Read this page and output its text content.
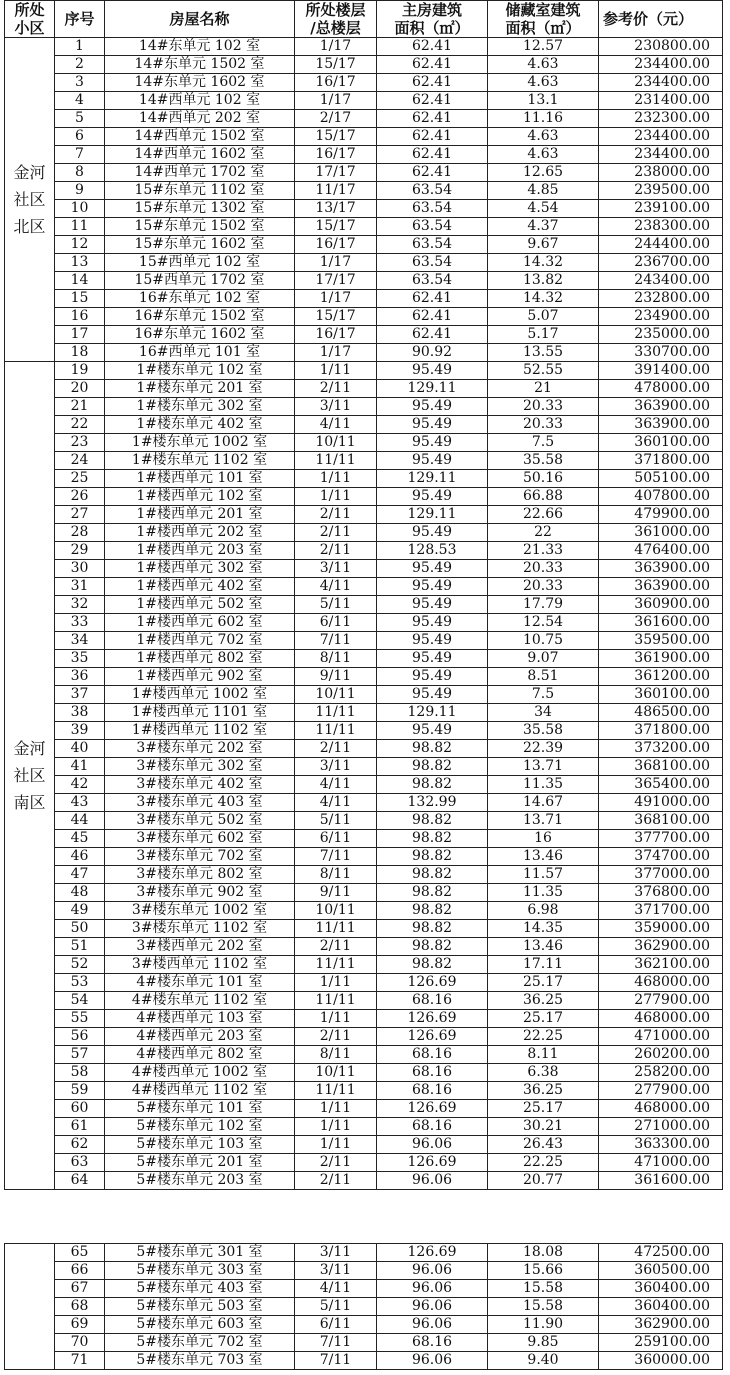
所处
小区	序号	房屋名称	所处楼层
/总楼层	主房建筑
面积（㎡）	储藏室建筑
面积（㎡）	参考价（元）

金河
社区
北区	1	14#东单元 102 室	1/17	62.41	12.57	230800.00
	2	14#东单元 1502 室	15/17	62.41	4.63	234400.00
	3	14#东单元 1602 室	16/17	62.41	4.63	234400.00
	4	14#西单元 102 室	1/17	62.41	13.1	231400.00
	5	14#西单元 202 室	2/17	62.41	11.16	232300.00
	6	14#西单元 1502 室	15/17	62.41	4.63	234400.00
	7	14#西单元 1602 室	16/17	62.41	4.63	234400.00
	8	14#西单元 1702 室	17/17	62.41	12.65	238000.00
	9	15#东单元 1102 室	11/17	63.54	4.85	239500.00
	10	15#东单元 1302 室	13/17	63.54	4.54	239100.00
	11	15#东单元 1502 室	15/17	63.54	4.37	238300.00
	12	15#东单元 1602 室	16/17	63.54	9.67	244400.00
	13	15#西单元 102 室	1/17	63.54	14.32	236700.00
	14	15#西单元 1702 室	17/17	63.54	13.82	243400.00
	15	16#东单元 102 室	1/17	62.41	14.32	232800.00
	16	16#东单元 1502 室	15/17	62.41	5.07	234900.00
	17	16#东单元 1602 室	16/17	62.41	5.17	235000.00
	18	16#西单元 101 室	1/17	90.92	13.55	330700.00

金河
社区
南区	19	1#楼东单元 102 室	1/11	95.49	52.55	391400.00
	20	1#楼东单元 201 室	2/11	129.11	21	478000.00
	21	1#楼东单元 302 室	3/11	95.49	20.33	363900.00
	22	1#楼东单元 402 室	4/11	95.49	20.33	363900.00
	23	1#楼东单元 1002 室	10/11	95.49	7.5	360100.00
	24	1#楼东单元 1102 室	11/11	95.49	35.58	371800.00
	25	1#楼西单元 101 室	1/11	129.11	50.16	505100.00
	26	1#楼西单元 102 室	1/11	95.49	66.88	407800.00
	27	1#楼西单元 201 室	2/11	129.11	22.66	479900.00
	28	1#楼西单元 202 室	2/11	95.49	22	361000.00
	29	1#楼西单元 203 室	2/11	128.53	21.33	476400.00
	30	1#楼西单元 302 室	3/11	95.49	20.33	363900.00
	31	1#楼西单元 402 室	4/11	95.49	20.33	363900.00
	32	1#楼西单元 502 室	5/11	95.49	17.79	360900.00
	33	1#楼西单元 602 室	6/11	95.49	12.54	361600.00
	34	1#楼西单元 702 室	7/11	95.49	10.75	359500.00
	35	1#楼西单元 802 室	8/11	95.49	9.07	361900.00
	36	1#楼西单元 902 室	9/11	95.49	8.51	361200.00
	37	1#楼西单元 1002 室	10/11	95.49	7.5	360100.00
	38	1#楼西单元 1101 室	11/11	129.11	34	486500.00
	39	1#楼西单元 1102 室	11/11	95.49	35.58	371800.00
	40	3#楼东单元 202 室	2/11	98.82	22.39	373200.00
	41	3#楼东单元 302 室	3/11	98.82	13.71	368100.00
	42	3#楼东单元 402 室	4/11	98.82	11.35	365400.00
	43	3#楼东单元 403 室	4/11	132.99	14.67	491000.00
	44	3#楼东单元 502 室	5/11	98.82	13.71	368100.00
	45	3#楼东单元 602 室	6/11	98.82	16	377700.00
	46	3#楼东单元 702 室	7/11	98.82	13.46	374700.00
	47	3#楼东单元 802 室	8/11	98.82	11.57	377000.00
	48	3#楼东单元 902 室	9/11	98.82	11.35	376800.00
	49	3#楼东单元 1002 室	10/11	98.82	6.98	371700.00
	50	3#楼东单元 1102 室	11/11	98.82	14.35	359000.00
	51	3#楼西单元 202 室	2/11	98.82	13.46	362900.00
	52	3#楼西单元 1102 室	11/11	98.82	17.11	362100.00
	53	4#楼东单元 101 室	1/11	126.69	25.17	468000.00
	54	4#楼东单元 1102 室	11/11	68.16	36.25	277900.00
	55	4#楼西单元 103 室	1/11	126.69	25.17	468000.00
	56	4#楼西单元 203 室	2/11	126.69	22.25	471000.00
	57	4#楼西单元 802 室	8/11	68.16	8.11	260200.00
	58	4#楼西单元 1002 室	10/11	68.16	6.38	258200.00
	59	4#楼西单元 1102 室	11/11	68.16	36.25	277900.00
	60	5#楼东单元 101 室	1/11	126.69	25.17	468000.00
	61	5#楼东单元 102 室	1/11	68.16	30.21	271000.00
	62	5#楼东单元 103 室	1/11	96.06	26.43	363300.00
	63	5#楼东单元 201 室	2/11	126.69	22.25	471000.00
	64	5#楼东单元 203 室	2/11	96.06	20.77	361600.00
	65	5#楼东单元 301 室	3/11	126.69	18.08	472500.00
	66	5#楼东单元 303 室	3/11	96.06	15.66	360500.00
	67	5#楼东单元 403 室	4/11	96.06	15.58	360400.00
	68	5#楼东单元 503 室	5/11	96.06	15.58	360400.00
	69	5#楼东单元 603 室	6/11	96.06	11.90	362900.00
	70	5#楼东单元 702 室	7/11	68.16	9.85	259100.00
	71	5#楼东单元 703 室	7/11	96.06	9.40	360000.00
